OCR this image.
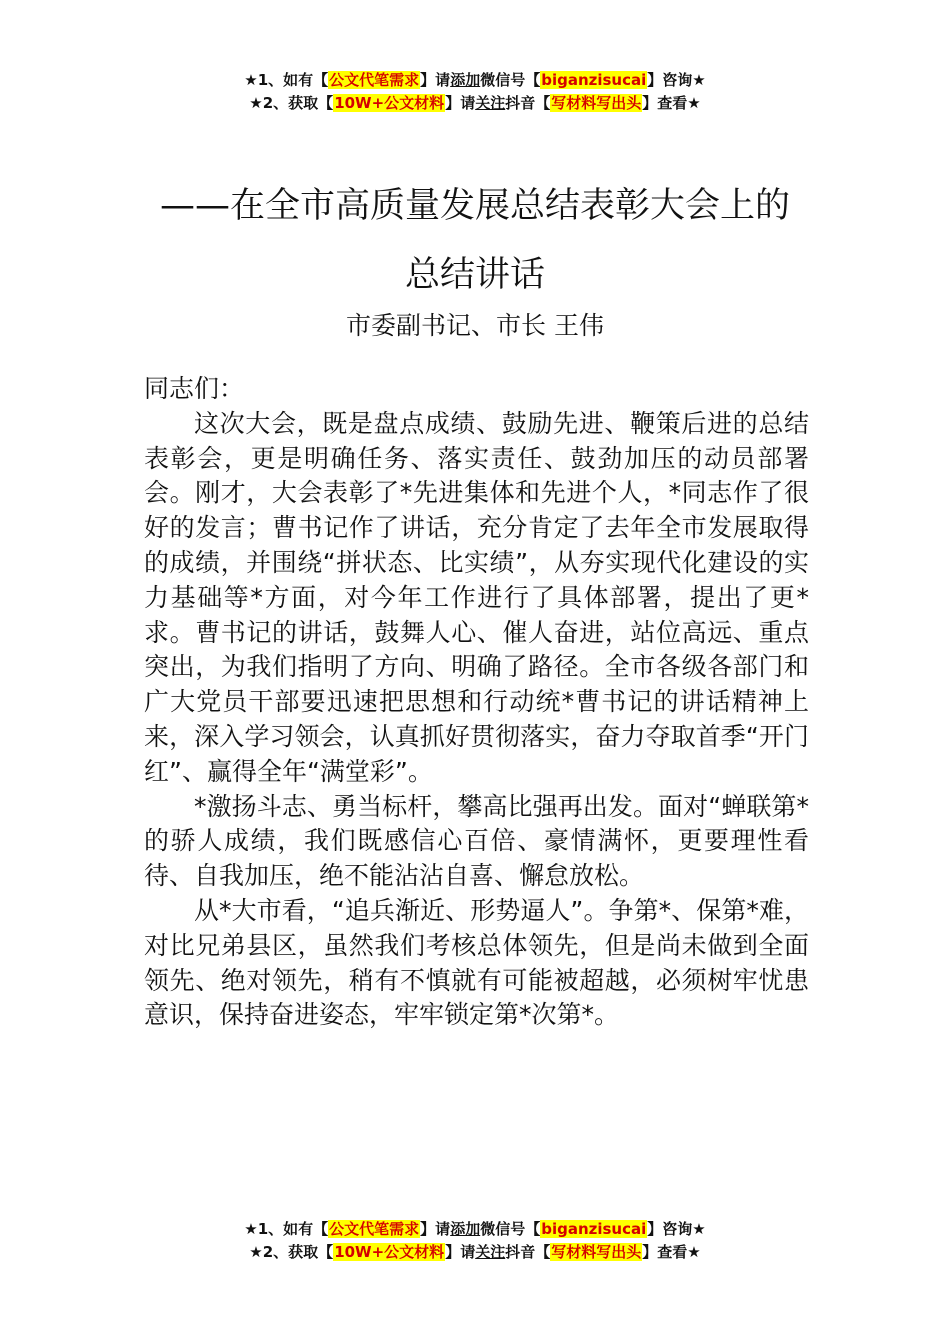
★1、如有【公文代笔需求】请添加微信号【biganzisucai】咨询★
★2、获取【10W+公文材料】请关注抖音【写材料写出头】查看★
——在全市高质量发展总结表彰大会上的
总结讲话
市委副书记、市长 王伟

同志们：

这次大会，既是盘点成绩、鼓励先进、鞭策后进的总结表彰会，更是明确任务、落实责任、鼓劲加压的动员部署会。刚才，大会表彰了*先进集体和先进个人，*同志作了很好的发言；曹书记作了讲话，充分肯定了去年全市发展取得的成绩，并围绕“拼状态、比实绩”，从夯实现代化建设的实力基础等*方面，对今年工作进行了具体部署，提出了更*求。曹书记的讲话，鼓舞人心、催人奋进，站位高远、重点突出，为我们指明了方向、明确了路径。全市各级各部门和广大党员干部要迅速把思想和行动统*曹书记的讲话精神上来，深入学习领会，认真抓好贯彻落实，奋力夺取首季“开门红”、赢得全年“满堂彩”。

*激扬斗志、勇当标杆，攀高比强再出发。面对“蝉联第*的骄人成绩，我们既感信心百倍、豪情满怀，更要理性看待、自我加压，绝不能沾沾自喜、懈怠放松。

从*大市看，“追兵渐近、形势逼人”。争第*、保第*难，对比兄弟县区，虽然我们考核总体领先，但是尚未做到全面领先、绝对领先，稍有不慎就有可能被超越，必须树牢忧患意识，保持奋进姿态，牢牢锁定第*次第*。

★1、如有【公文代笔需求】请添加微信号【biganzisucai】咨询★
★2、获取【10W+公文材料】请关注抖音【写材料写出头】查看★
